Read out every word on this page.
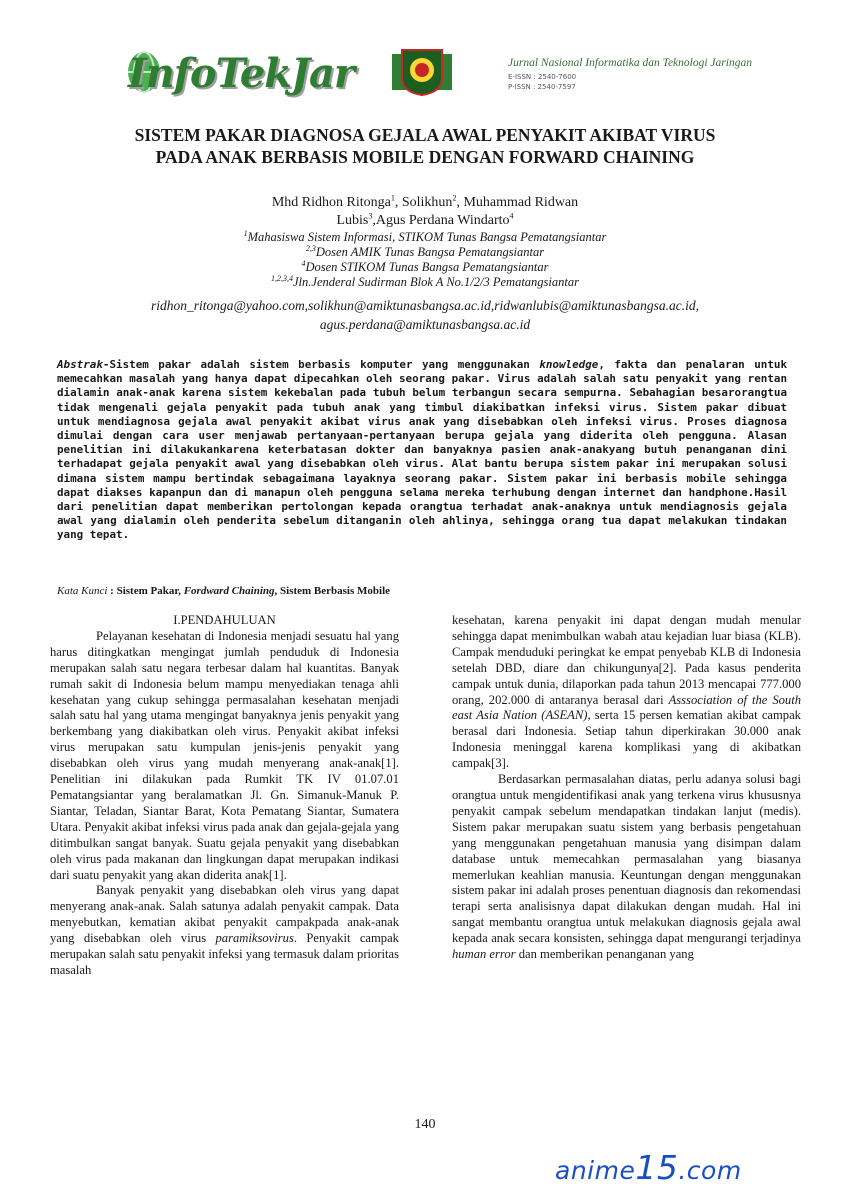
InfoTekJar	Jurnal Nasional Informatika dan Teknologi Jaringan
E-ISSN : 2540-7600
P-ISSN : 2540-7597
SISTEM PAKAR DIAGNOSA GEJALA AWAL PENYAKIT AKIBAT VIRUS
PADA ANAK BERBASIS MOBILE DENGAN FORWARD CHAINING
Mhd Ridhon Ritonga$^1$, Solikhun$^2$, Muhammad Ridwan
Lubis$^3$,Agus Perdana Windarto$^4$
$^1$Mahasiswa Sistem Informasi, STIKOM Tunas Bangsa Pematangsiantar
$^{2,3}$Dosen AMIK Tunas Bangsa Pematangsiantar
$^4$Dosen STIKOM Tunas Bangsa Pematangsiantar
$^{1,2,3,4}$Jln.Jenderal Sudirman Blok A No.1/2/3 Pematangsiantar
ridhon_ritonga@yahoo.com,solikhun@amiktunasbangsa.ac.id,ridwanlubis@amiktunasbangsa.ac.id,
agus.perdana@amiktunasbangsa.ac.id
Abstrak-Sistem pakar adalah sistem berbasis komputer yang menggunakan knowledge, fakta dan penalaran untuk memecahkan masalah yang hanya dapat dipecahkan oleh seorang pakar. Virus adalah salah satu penyakit yang rentan dialamin anak-anak karena sistem kekebalan pada tubuh belum terbangun secara sempurna. Sebahagian besarorangtua tidak mengenali gejala penyakit pada tubuh anak yang timbul diakibatkan infeksi virus. Sistem pakar dibuat untuk mendiagnosa gejala awal penyakit akibat virus anak yang disebabkan oleh infeksi virus. Proses diagnosa dimulai dengan cara user menjawab pertanyaan-pertanyaan berupa gejala yang diderita oleh pengguna. Alasan penelitian ini dilakukankarena keterbatasan dokter dan banyaknya pasien anak-anakyang butuh penanganan dini terhadapat gejala penyakit awal yang disebabkan oleh virus. Alat bantu berupa sistem pakar ini merupakan solusi dimana sistem mampu bertindak sebagaimana layaknya seorang pakar. Sistem pakar ini berbasis mobile sehingga dapat diakses kapanpun dan di manapun oleh pengguna selama mereka terhubung dengan internet dan handphone.Hasil dari penelitian dapat memberikan pertolongan kepada orangtua terhadat anak-anaknya untuk mendiagnosis gejala awal yang dialamin oleh penderita sebelum ditanganin oleh ahlinya, sehingga orang tua dapat melakukan tindakan yang tepat.
Kata Kunci : Sistem Pakar, Fordward Chaining, Sistem Berbasis Mobile

I.PENDAHULUAN

Pelayanan kesehatan di Indonesia menjadi sesuatu hal yang harus ditingkatkan mengingat jumlah penduduk di Indonesia merupakan salah satu negara terbesar dalam hal kuantitas. Banyak rumah sakit di Indonesia belum mampu menyediakan tenaga ahli kesehatan yang cukup sehingga permasalahan kesehatan menjadi salah satu hal yang utama mengingat banyaknya jenis penyakit yang berkembang yang diakibatkan oleh virus. Penyakit akibat infeksi virus merupakan satu kumpulan jenis-jenis penyakit yang disebabkan oleh virus yang mudah menyerang anak-anak[1]. Penelitian ini dilakukan pada Rumkit TK IV 01.07.01 Pematangsiantar yang beralamatkan Jl. Gn. Simanuk-Manuk P. Siantar, Teladan, Siantar Barat, Kota Pematang Siantar, Sumatera Utara. Penyakit akibat infeksi virus pada anak dan gejala-gejala yang ditimbulkan sangat banyak. Suatu gejala penyakit yang disebabkan oleh virus pada makanan dan lingkungan dapat merupakan indikasi dari suatu penyakit yang akan diderita anak[1].

Banyak penyakit yang disebabkan oleh virus yang dapat menyerang anak-anak. Salah satunya adalah penyakit campak. Data menyebutkan, kematian akibat penyakit campakpada anak-anak yang disebabkan oleh virus paramiksovirus. Penyakit campak merupakan salah satu penyakit infeksi yang termasuk dalam prioritas masalah

kesehatan, karena penyakit ini dapat dengan mudah menular sehingga dapat menimbulkan wabah atau kejadian luar biasa (KLB). Campak menduduki peringkat ke empat penyebab KLB di Indonesia setelah DBD, diare dan chikungunya[2]. Pada kasus penderita campak untuk dunia, dilaporkan pada tahun 2013 mencapai 777.000 orang, 202.000 di antaranya berasal dari Asssociation of the South east Asia Nation (ASEAN), serta 15 persen kematian akibat campak berasal dari Indonesia. Setiap tahun diperkirakan 30.000 anak Indonesia meninggal karena komplikasi yang di akibatkan campak[3].

Berdasarkan permasalahan diatas, perlu adanya solusi bagi orangtua untuk mengidentifikasi anak yang terkena virus khususnya penyakit campak sebelum mendapatkan tindakan lanjut (medis). Sistem pakar merupakan suatu sistem yang berbasis pengetahuan yang menggunakan pengetahuan manusia yang disimpan dalam database untuk memecahkan permasalahan yang biasanya memerlukan keahlian manusia. Keuntungan dengan menggunakan sistem pakar ini adalah proses penentuan diagnosis dan rekomendasi terapi serta analisisnya dapat dilakukan dengan mudah. Hal ini sangat membantu orangtua untuk melakukan diagnosis gejala awal kepada anak secara konsisten, sehingga dapat mengurangi terjadinya human error dan memberikan penanganan yang

140
anime15.com
